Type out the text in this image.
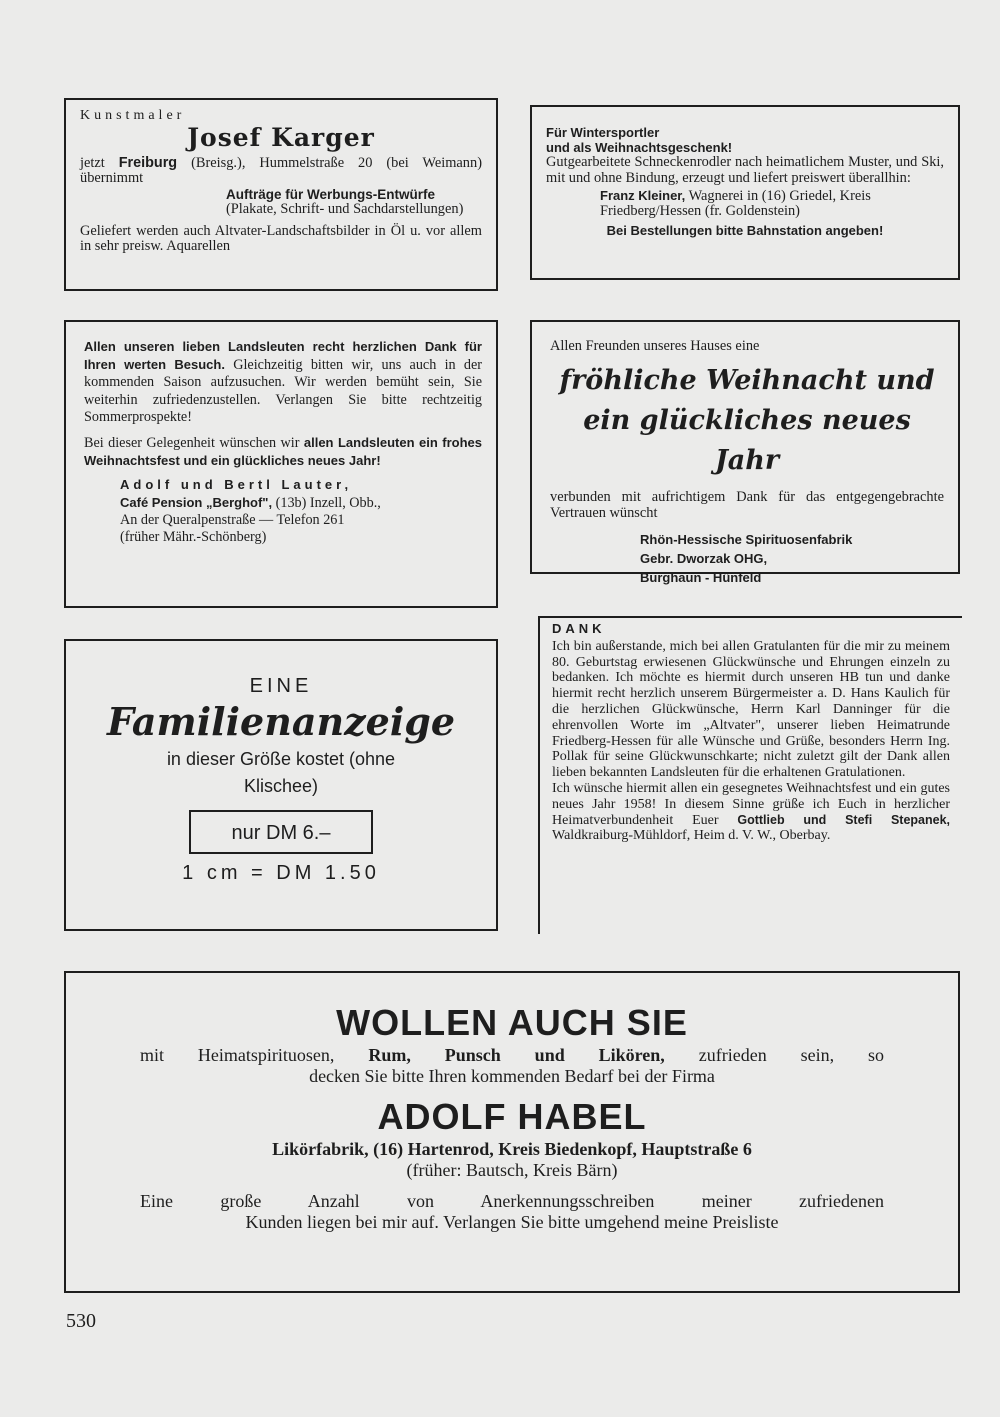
Kunstmaler

Josef Karger

jetzt Freiburg (Breisg.), Hummelstraße 20 (bei Weimann) übernimmt

Aufträge für Werbungs-Entwürfe

(Plakate, Schrift- und Sachdarstellungen)

Geliefert werden auch Altvater-Landschaftsbilder in Öl u. vor allem in sehr preisw. Aquarellen

Für Wintersportler

und als Weihnachtsgeschenk!

Gutgearbeitete Schneckenrodler nach heimatlichem Muster, und Ski, mit und ohne Bindung, erzeugt und liefert preiswert überallhin:

Franz Kleiner, Wagnerei in (16) Griedel, Kreis Friedberg/Hessen (fr. Goldenstein)

Bei Bestellungen bitte Bahnstation angeben!

Allen unseren lieben Landsleuten recht herzlichen Dank für Ihren werten Besuch. Gleichzeitig bitten wir, uns auch in der kommenden Saison aufzusuchen. Wir werden bemüht sein, Sie weiterhin zufriedenzustellen. Verlangen Sie bitte rechtzeitig Sommerprospekte!

Bei dieser Gelegenheit wünschen wir allen Landsleuten ein frohes Weihnachtsfest und ein glückliches neues Jahr!

Adolf und Bertl Lauter,

Café Pension „Berghof", (13b) Inzell, Obb.,

An der Queralpenstraße — Telefon 261

(früher Mähr.-Schönberg)

Allen Freunden unseres Hauses eine

fröhliche Weihnacht und

ein glückliches neues Jahr

verbunden mit aufrichtigem Dank für das entgegengebrachte Vertrauen wünscht

Rhön-Hessische Spirituosenfabrik

Gebr. Dworzak OHG,

Burghaun - Hünfeld

EINE

Familienanzeige

in dieser Größe kostet (ohne Klischee)

nur DM 6.–

1 cm = DM 1.50

DANK

Ich bin außerstande, mich bei allen Gratulanten für die mir zu meinem 80. Geburtstag erwiesenen Glückwünsche und Ehrungen einzeln zu bedanken. Ich möchte es hiermit durch unseren HB tun und danke hiermit recht herzlich unserem Bürgermeister a. D. Hans Kaulich für die herzlichen Glückwünsche, Herrn Karl Danninger für die ehrenvollen Worte im „Altvater", unserer lieben Heimatrunde Friedberg-Hessen für alle Wünsche und Grüße, besonders Herrn Ing. Pollak für seine Glückwunschkarte; nicht zuletzt gilt der Dank allen lieben bekannten Landsleuten für die erhaltenen Gratulationen.

Ich wünsche hiermit allen ein gesegnetes Weihnachtsfest und ein gutes neues Jahr 1958! In diesem Sinne grüße ich Euch in herzlicher Heimatverbundenheit Euer Gottlieb und Stefi Stepanek, Waldkraiburg-Mühldorf, Heim d. V. W., Oberbay.

WOLLEN AUCH SIE

mit Heimatspirituosen, Rum, Punsch und Likören, zufrieden sein, so

decken Sie bitte Ihren kommenden Bedarf bei der Firma

ADOLF HABEL

Likörfabrik, (16) Hartenrod, Kreis Biedenkopf, Hauptstraße 6

(früher: Bautsch, Kreis Bärn)

Eine große Anzahl von Anerkennungsschreiben meiner zufriedenen

Kunden liegen bei mir auf. Verlangen Sie bitte umgehend meine Preisliste

530
